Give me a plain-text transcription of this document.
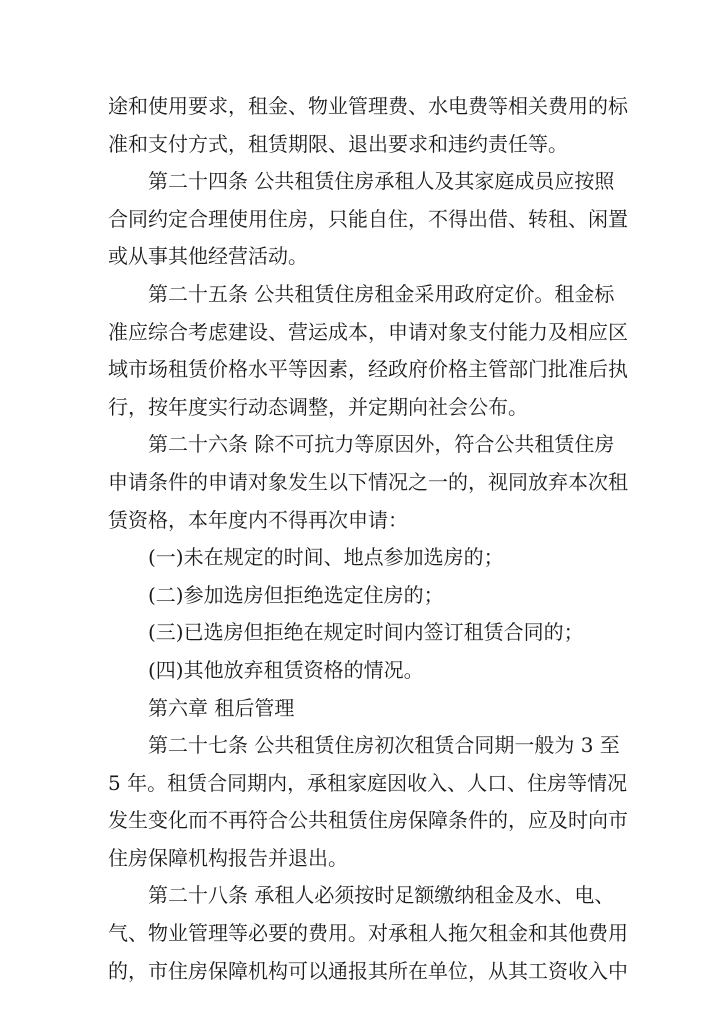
途和使用要求，租金、物业管理费、水电费等相关费用的标
准和支付方式，租赁期限、退出要求和违约责任等。
第二十四条 公共租赁住房承租人及其家庭成员应按照
合同约定合理使用住房，只能自住，不得出借、转租、闲置
或从事其他经营活动。
第二十五条 公共租赁住房租金采用政府定价。租金标
准应综合考虑建设、营运成本，申请对象支付能力及相应区
域市场租赁价格水平等因素，经政府价格主管部门批准后执
行，按年度实行动态调整，并定期向社会公布。
第二十六条 除不可抗力等原因外，符合公共租赁住房
申请条件的申请对象发生以下情况之一的，视同放弃本次租
赁资格，本年度内不得再次申请：
(一)未在规定的时间、地点参加选房的；
(二)参加选房但拒绝选定住房的；
(三)已选房但拒绝在规定时间内签订租赁合同的；
(四)其他放弃租赁资格的情况。
第六章 租后管理
第二十七条 公共租赁住房初次租赁合同期一般为 3 至
5 年。租赁合同期内，承租家庭因收入、人口、住房等情况
发生变化而不再符合公共租赁住房保障条件的，应及时向市
住房保障机构报告并退出。
第二十八条 承租人必须按时足额缴纳租金及水、电、
气、物业管理等必要的费用。对承租人拖欠租金和其他费用
的，市住房保障机构可以通报其所在单位，从其工资收入中
